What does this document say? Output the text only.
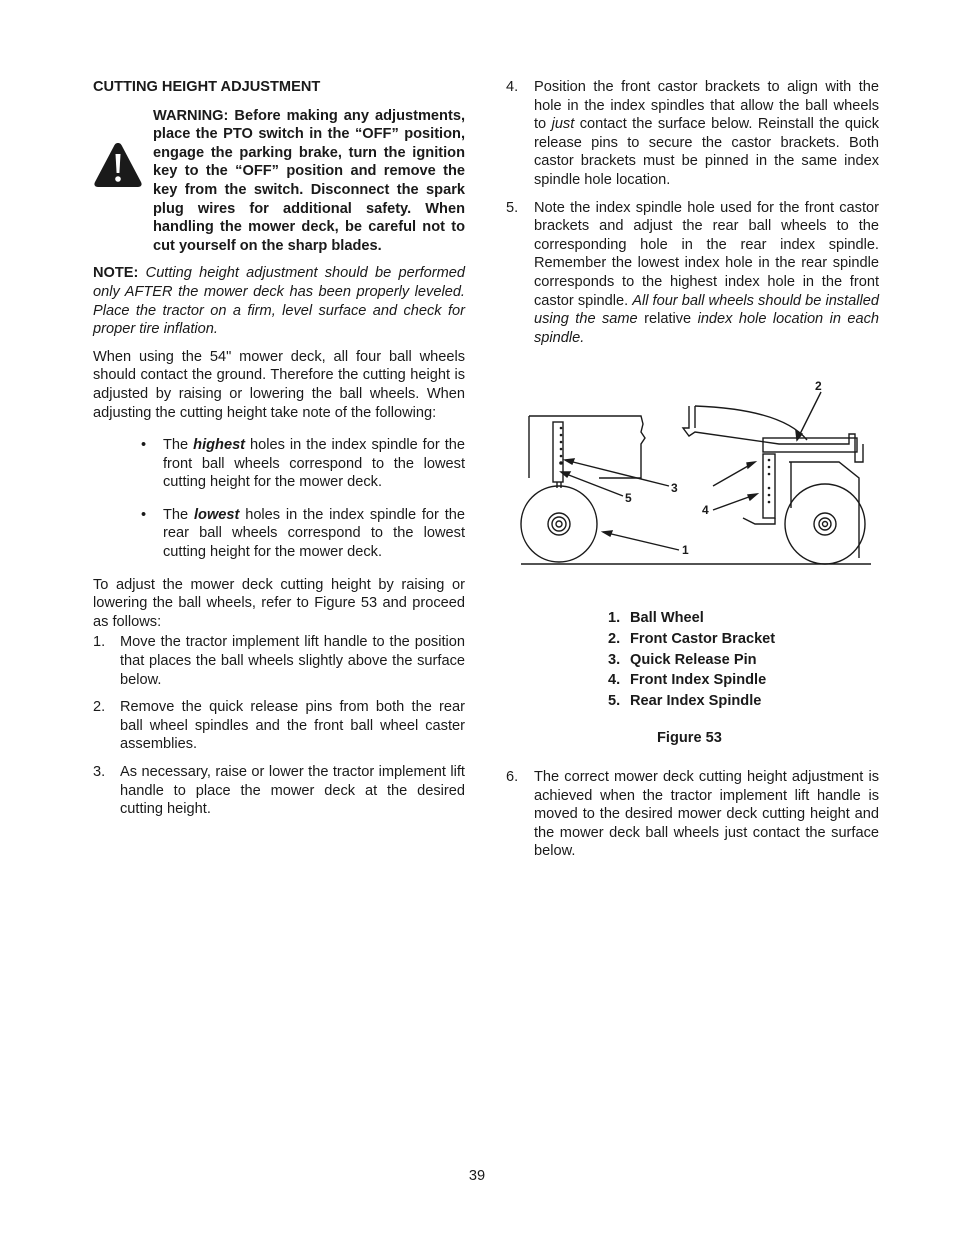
CUTTING HEIGHT ADJUSTMENT

WARNING: Before making any adjustments, place the PTO switch in the “OFF” position, engage the parking brake, turn the ignition key to the “OFF” position and remove the key from the switch. Disconnect the spark plug wires for additional safety. When handling the mower deck, be careful not to cut yourself on the sharp blades.

NOTE: Cutting height adjustment should be performed only AFTER the mower deck has been properly leveled. Place the tractor on a firm, level surface and check for proper tire inflation.

When using the 54" mower deck, all four ball wheels should contact the ground. Therefore the cutting height is adjusted by raising or lowering the ball wheels. When adjusting the cutting height take note of the following:

• The highest holes in the index spindle for the front ball wheels correspond to the lowest cutting height for the mower deck.
• The lowest holes in the index spindle for the rear ball wheels correspond to the lowest cutting height for the mower deck.

To adjust the mower deck cutting height by raising or lowering the ball wheels, refer to Figure 53 and proceed as follows:

1. Move the tractor implement lift handle to the position that places the ball wheels slightly above the surface below.
2. Remove the quick release pins from both the rear ball wheel spindles and the front ball wheel caster assemblies.
3. As necessary, raise or lower the tractor implement lift handle to place the mower deck at the desired cutting height.
4. Position the front castor brackets to align with the hole in the index spindles that allow the ball wheels to just contact the surface below. Reinstall the quick release pins to secure the castor brackets. Both castor brackets must be pinned in the same index spindle hole location.
5. Note the index spindle hole used for the front castor brackets and adjust the rear ball wheels to the corresponding hole in the rear index spindle. Remember the lowest index hole in the rear spindle corresponds to the highest index hole in the front castor spindle. All four ball wheels should be installed using the same relative index hole location in each spindle.
2
3
5
4
1
1. Ball Wheel
2. Front Castor Bracket
3. Quick Release Pin
4. Front Index Spindle
5. Rear Index Spindle

Figure 53

6. The correct mower deck cutting height adjustment is achieved when the tractor implement lift handle is moved to the desired mower deck cutting height and the mower deck ball wheels just contact the surface below.

39
